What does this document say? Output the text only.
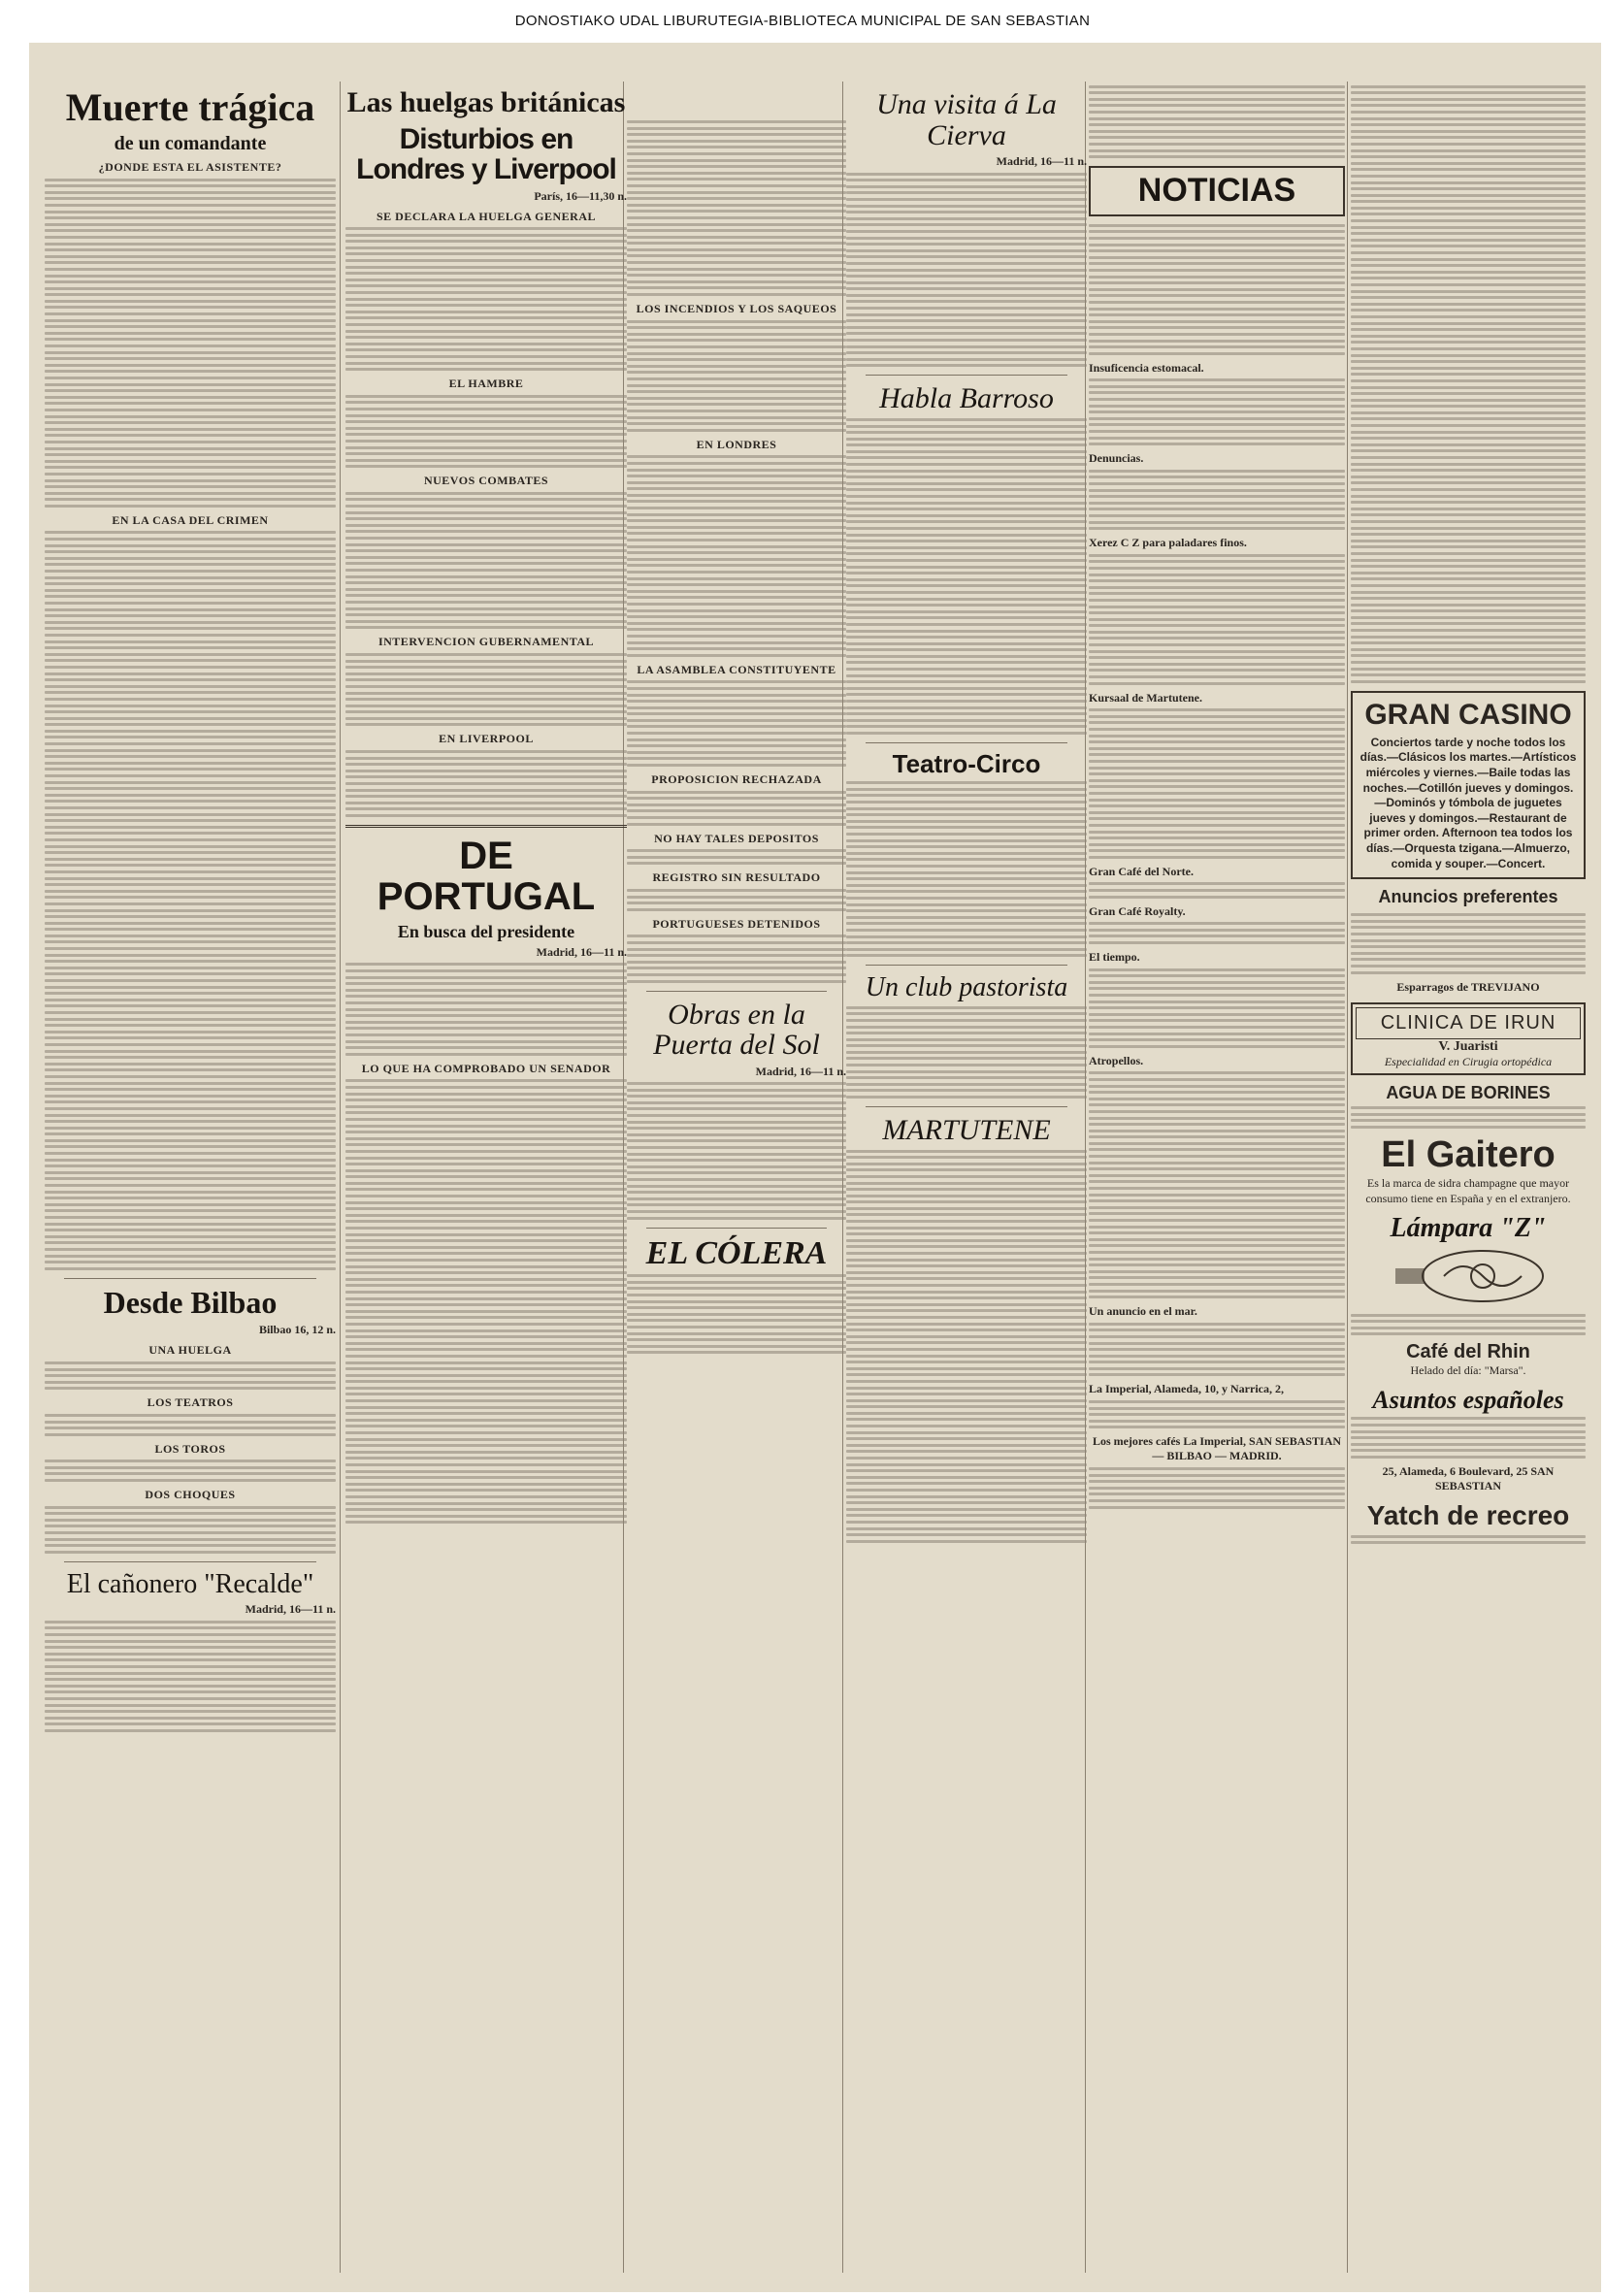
DONOSTIAKO UDAL LIBURUTEGIA-BIBLIOTECA MUNICIPAL DE SAN SEBASTIAN
Muerte trágica
de un comandante
¿DONDE ESTA EL ASISTENTE?
EN LA CASA DEL CRIMEN
Desde Bilbao
Bilbao 16, 12 n.
UNA HUELGA
LOS TEATROS
LOS TOROS
DOS CHOQUES
El cañonero "Recalde"
Madrid, 16—11 n.
Las huelgas británicas
Disturbios en Londres y Liverpool
París, 16—11,30 n.
SE DECLARA LA HUELGA GENERAL
EL HAMBRE
NUEVOS COMBATES
INTERVENCION GUBERNAMENTAL
EN LIVERPOOL
DE PORTUGAL
En busca del presidente
Madrid, 16—11 n.
LO QUE HA COMPROBADO UN SENADOR
LOS INCENDIOS Y LOS SAQUEOS
EN LONDRES
LA ASAMBLEA CONSTITUYENTE
PROPOSICION RECHAZADA
NO HAY TALES DEPOSITOS
REGISTRO SIN RESULTADO
PORTUGUESES DETENIDOS
Obras en la Puerta del Sol
Madrid, 16—11 n.
EL CÓLERA
Una visita á La Cierva
Madrid, 16—11 n.
Habla Barroso
Teatro-Circo
Un club pastorista
MARTUTENE
NOTICIAS

Insuficencia estomacal.

Denuncias.

Xerez C Z para paladares finos.

Kursaal de Martutene.

Gran Café del Norte.

Gran Café Royalty.

El tiempo.

Atropellos.

Un anuncio en el mar.

La Imperial, Alameda, 10, y Narrica, 2,

Los mejores cafés La Imperial, SAN SEBASTIAN — BILBAO — MADRID.

GRAN CASINO
Conciertos tarde y noche todos los días.—Clásicos los martes.—Artísticos miércoles y viernes.—Baile todas las noches.—Cotillón jueves y domingos.—Dominós y tómbola de juguetes jueves y domingos.—Restaurant de primer orden. Afternoon tea todos los días.—Orquesta tzigana.—Almuerzo, comida y souper.—Concert.
Anuncios preferentes
Esparragos de TREVIJANO
CLINICA DE IRUN
V. Juaristi
Especialidad en Cirugia ortopédica
AGUA DE BORINES
El Gaitero
Es la marca de sidra champagne que mayor consumo tiene en España y en el extranjero.
Lámpara "Z"
Café del Rhin
Helado del día: "Marsa".
Asuntos españoles
25, Alameda, 6 Boulevard, 25 SAN SEBASTIAN
Yatch de recreo
